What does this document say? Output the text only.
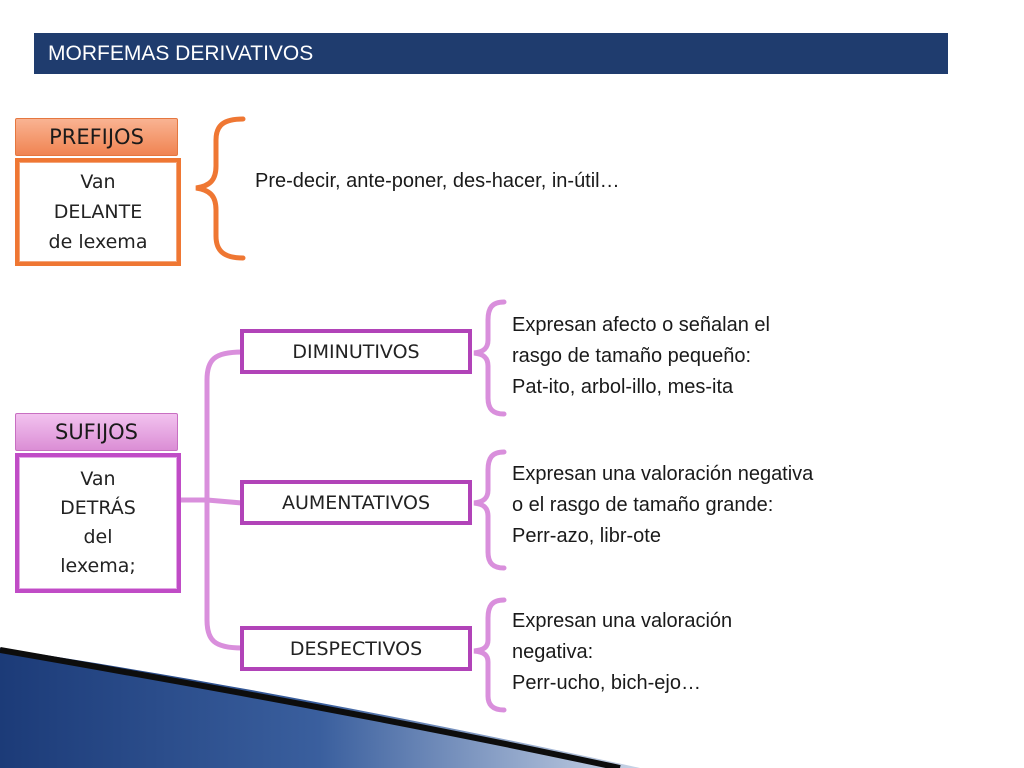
MORFEMAS DERIVATIVOS
PREFIJOS
Van
DELANTE
de lexema
Pre-decir, ante-poner, des-hacer, in-útil…
SUFIJOS
Van
DETRÁS
del
lexema;
DIMINUTIVOS
Expresan afecto o señalan el
rasgo de tamaño pequeño:
Pat-ito, arbol-illo, mes-ita
AUMENTATIVOS
Expresan una valoración negativa
o el rasgo de tamaño grande:
Perr-azo, libr-ote
DESPECTIVOS
Expresan una valoración
negativa:
Perr-ucho, bich-ejo…
